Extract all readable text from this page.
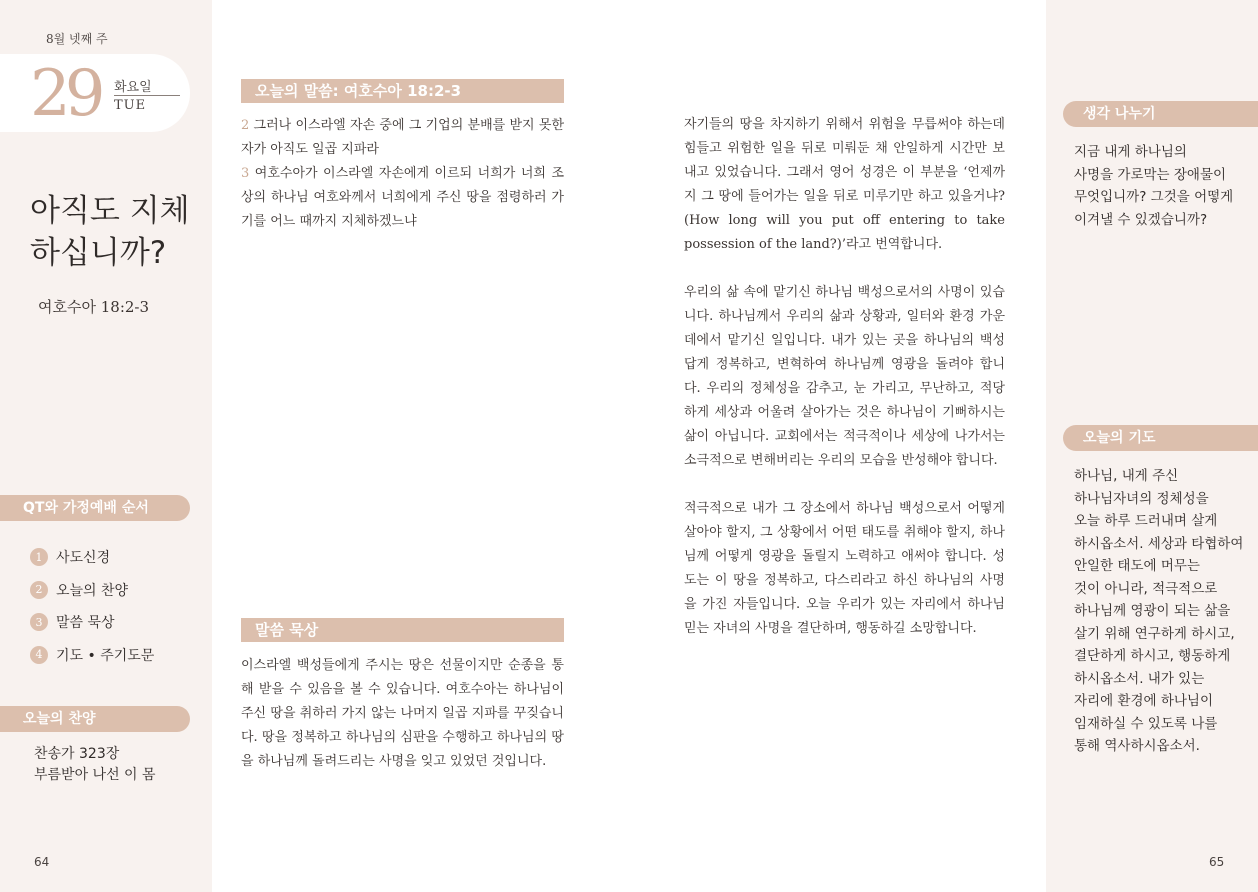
8월 넷째 주
29 화요일
TUE
아직도 지체 하십니까?
여호수아 18:2-3
QT와 가정예배 순서
1 사도신경
2 오늘의 찬양
3 말씀 묵상
4 기도 • 주기도문
오늘의 찬양
찬송가 323장
부름받아 나선 이 몸
64
오늘의 말씀: 여호수아 18:2-3

2 그러나 이스라엘 자손 중에 그 기업의 분배를 받지 못한 자가 아직도 일곱 지파라
3 여호수아가 이스라엘 자손에게 이르되 너희가 너희 조상의 하나님 여호와께서 너희에게 주신 땅을 점령하러 가기를 어느 때까지 지체하겠느냐

말씀 묵상

이스라엘 백성들에게 주시는 땅은 선물이지만 순종을 통해 받을 수 있음을 볼 수 있습니다. 여호수아는 하나님이 주신 땅을 취하러 가지 않는 나머지 일곱 지파를 꾸짖습니다. 땅을 정복하고 하나님의 심판을 수행하고 하나님의 땅을 하나님께 돌려드리는 사명을 잊고 있었던 것입니다.

자기들의 땅을 차지하기 위해서 위험을 무릅써야 하는데 힘들고 위험한 일을 뒤로 미뤄둔 채 안일하게 시간만 보내고 있었습니다. 그래서 영어 성경은 이 부분을 ‘언제까지 그 땅에 들어가는 일을 뒤로 미루기만 하고 있을거냐?(How long will you put off entering to take possession of the land?)’라고 번역합니다.

우리의 삶 속에 맡기신 하나님 백성으로서의 사명이 있습니다. 하나님께서 우리의 삶과 상황과, 일터와 환경 가운데에서 맡기신 일입니다. 내가 있는 곳을 하나님의 백성답게 정복하고, 변혁하여 하나님께 영광을 돌려야 합니다. 우리의 정체성을 감추고, 눈 가리고, 무난하고, 적당하게 세상과 어울려 살아가는 것은 하나님이 기뻐하시는 삶이 아닙니다. 교회에서는 적극적이나 세상에 나가서는 소극적으로 변해버리는 우리의 모습을 반성해야 합니다.

적극적으로 내가 그 장소에서 하나님 백성으로서 어떻게 살아야 할지, 그 상황에서 어떤 태도를 취해야 할지, 하나님께 어떻게 영광을 돌릴지 노력하고 애써야 합니다. 성도는 이 땅을 정복하고, 다스리라고 하신 하나님의 사명을 가진 자들입니다. 오늘 우리가 있는 자리에서 하나님 믿는 자녀의 사명을 결단하며, 행동하길 소망합니다.

생각 나누기
지금 내게 하나님의
사명을 가로막는 장애물이
무엇입니까? 그것을 어떻게
이겨낼 수 있겠습니까?
오늘의 기도
하나님, 내게 주신
하나님자녀의 정체성을
오늘 하루 드러내며 살게
하시옵소서. 세상과 타협하여
안일한 태도에 머무는
것이 아니라, 적극적으로
하나님께 영광이 되는 삶을
살기 위해 연구하게 하시고,
결단하게 하시고, 행동하게
하시옵소서. 내가 있는
자리에 환경에 하나님이
임재하실 수 있도록 나를
통해 역사하시옵소서.
65
